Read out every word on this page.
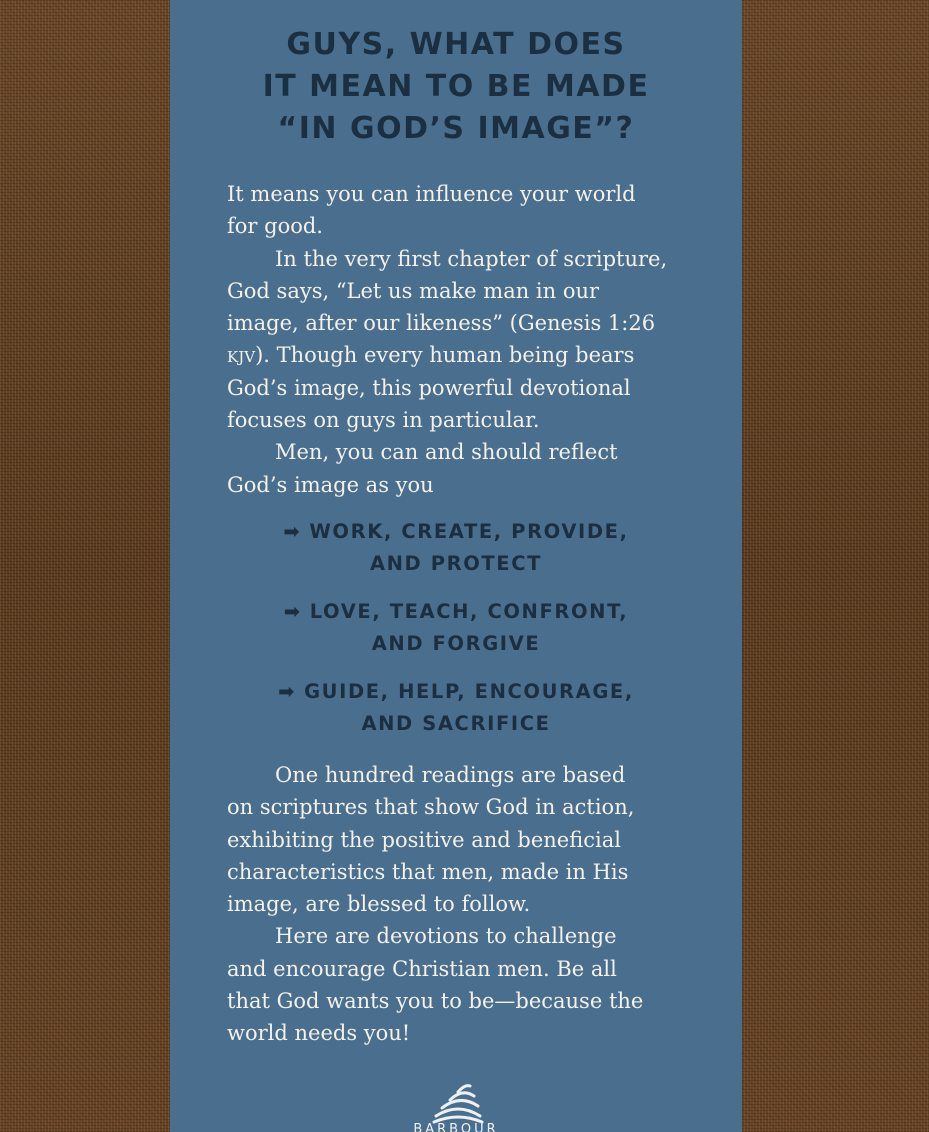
GUYS, WHAT DOES
IT MEAN TO BE MADE
“IN GOD’S IMAGE”?
It means you can influence your world
for good.
In the very first chapter of scripture,
God says, “Let us make man in our
image, after our likeness” (Genesis 1:26
kjv). Though every human being bears
God’s image, this powerful devotional
focuses on guys in particular.
Men, you can and should reflect
God’s image as you
➡ WORK, CREATE, PROVIDE,
AND PROTECT
➡ LOVE, TEACH, CONFRONT,
AND FORGIVE
➡ GUIDE, HELP, ENCOURAGE,
AND SACRIFICE
One hundred readings are based
on scriptures that show God in action,
exhibiting the positive and beneficial
characteristics that men, made in His
image, are blessed to follow.
Here are devotions to challenge
and encourage Christian men. Be all
that God wants you to be—because the
world needs you!
BARBOUR
